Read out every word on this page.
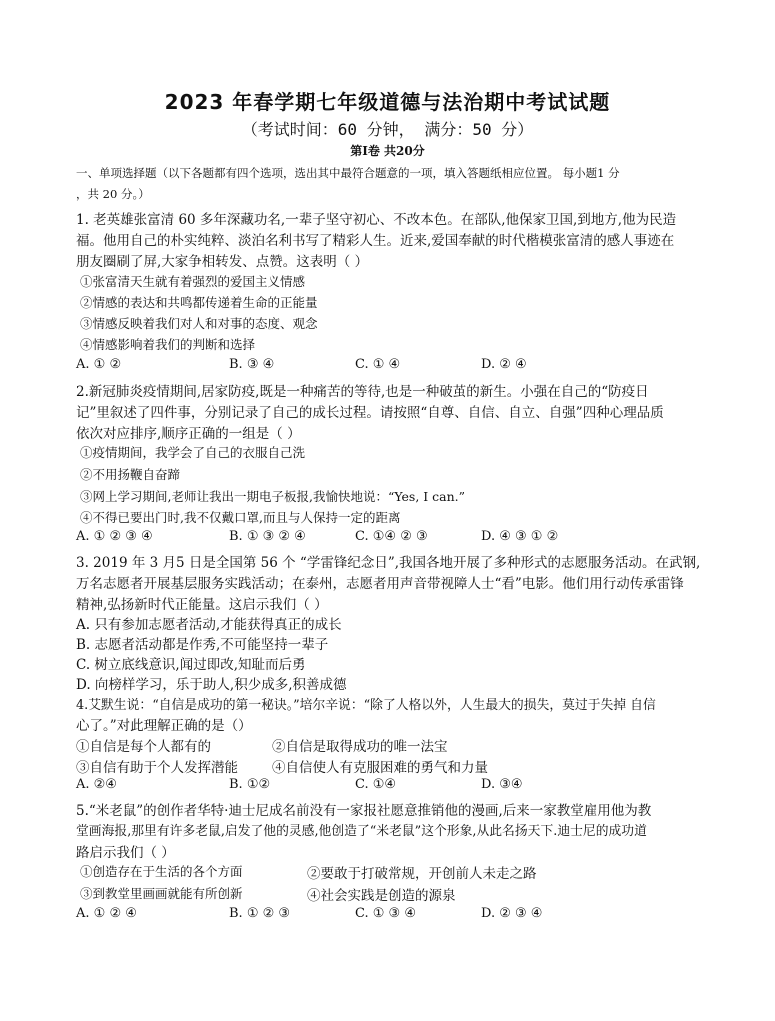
2023 年春学期七年级道德与法治期中考试试题
（考试时间：60 分钟， 满分：50 分）
第Ⅰ卷 共20分
一、单项选择题（以下各题都有四个选项，选出其中最符合题意的一项，填入答题纸相应位置。 每小题1 分
，共 20 分。）
1. 老英雄张富清 60 多年深藏功名,一辈子坚守初心、不改本色。在部队,他保家卫国,到地方,他为民造
福。他用自己的朴实纯粹、淡泊名利书写了精彩人生。近来,爱国奉献的时代楷模张富清的感人事迹在
朋友圈刷了屏,大家争相转发、点赞。这表明（ ）
①张富清天生就有着强烈的爱国主义情感
②情感的表达和共鸣都传递着生命的正能量
③情感反映着我们对人和对事的态度、观念
④情感影响着我们的判断和选择
A. ① ②	B. ③ ④	C. ① ④	D. ② ④
2.新冠肺炎疫情期间,居家防疫,既是一种痛苦的等待,也是一种破茧的新生。小强在自己的“防疫日
记”里叙述了四件事，分别记录了自己的成长过程。请按照“自尊、自信、自立、自强”四种心理品质
依次对应排序,顺序正确的一组是（ ）
①疫情期间，我学会了自己的衣服自己洗
②不用扬鞭自奋蹄
③网上学习期间,老师让我出一期电子板报,我愉快地说：“Yes, I can.”
④不得已要出门时,我不仅戴口罩,而且与人保持一定的距离
A. ① ② ③ ④	B. ① ③ ② ④	C. ①④ ② ③	D. ④ ③ ① ②
3. 2019 年 3 月5 日是全国第 56 个 “学雷锋纪念日”,我国各地开展了多种形式的志愿服务活动。在武钢,
万名志愿者开展基层服务实践活动；在泰州，志愿者用声音带视障人士“看”电影。他们用行动传承雷锋
精神,弘扬新时代正能量。这启示我们（ ）
A. 只有参加志愿者活动,才能获得真正的成长
B. 志愿者活动都是作秀,不可能坚持一辈子
C. 树立底线意识,闻过即改,知耻而后勇
D. 向榜样学习，乐于助人,积少成多,积善成德
4.艾默生说：“自信是成功的第一秘诀。”培尔辛说：“除了人格以外，人生最大的损失，莫过于失掉 自信
心了。”对此理解正确的是（）
①自信是每个人都有的	②自信是取得成功的唯一法宝
③自信有助于个人发挥潜能	④自信使人有克服困难的勇气和力量
A. ②④	B. ①②	C. ①④	D. ③④
5.“米老鼠”的创作者华特·迪士尼成名前没有一家报社愿意推销他的漫画,后来一家教堂雇用他为教
堂画海报,那里有许多老鼠,启发了他的灵感,他创造了“米老鼠”这个形象,从此名扬天下.迪士尼的成功道
路启示我们（ ）
①创造存在于生活的各个方面	②要敢于打破常规，开创前人未走之路
③到教堂里画画就能有所创新	④社会实践是创造的源泉
A. ① ② ④	B. ① ② ③	C. ① ③ ④	D. ② ③ ④
